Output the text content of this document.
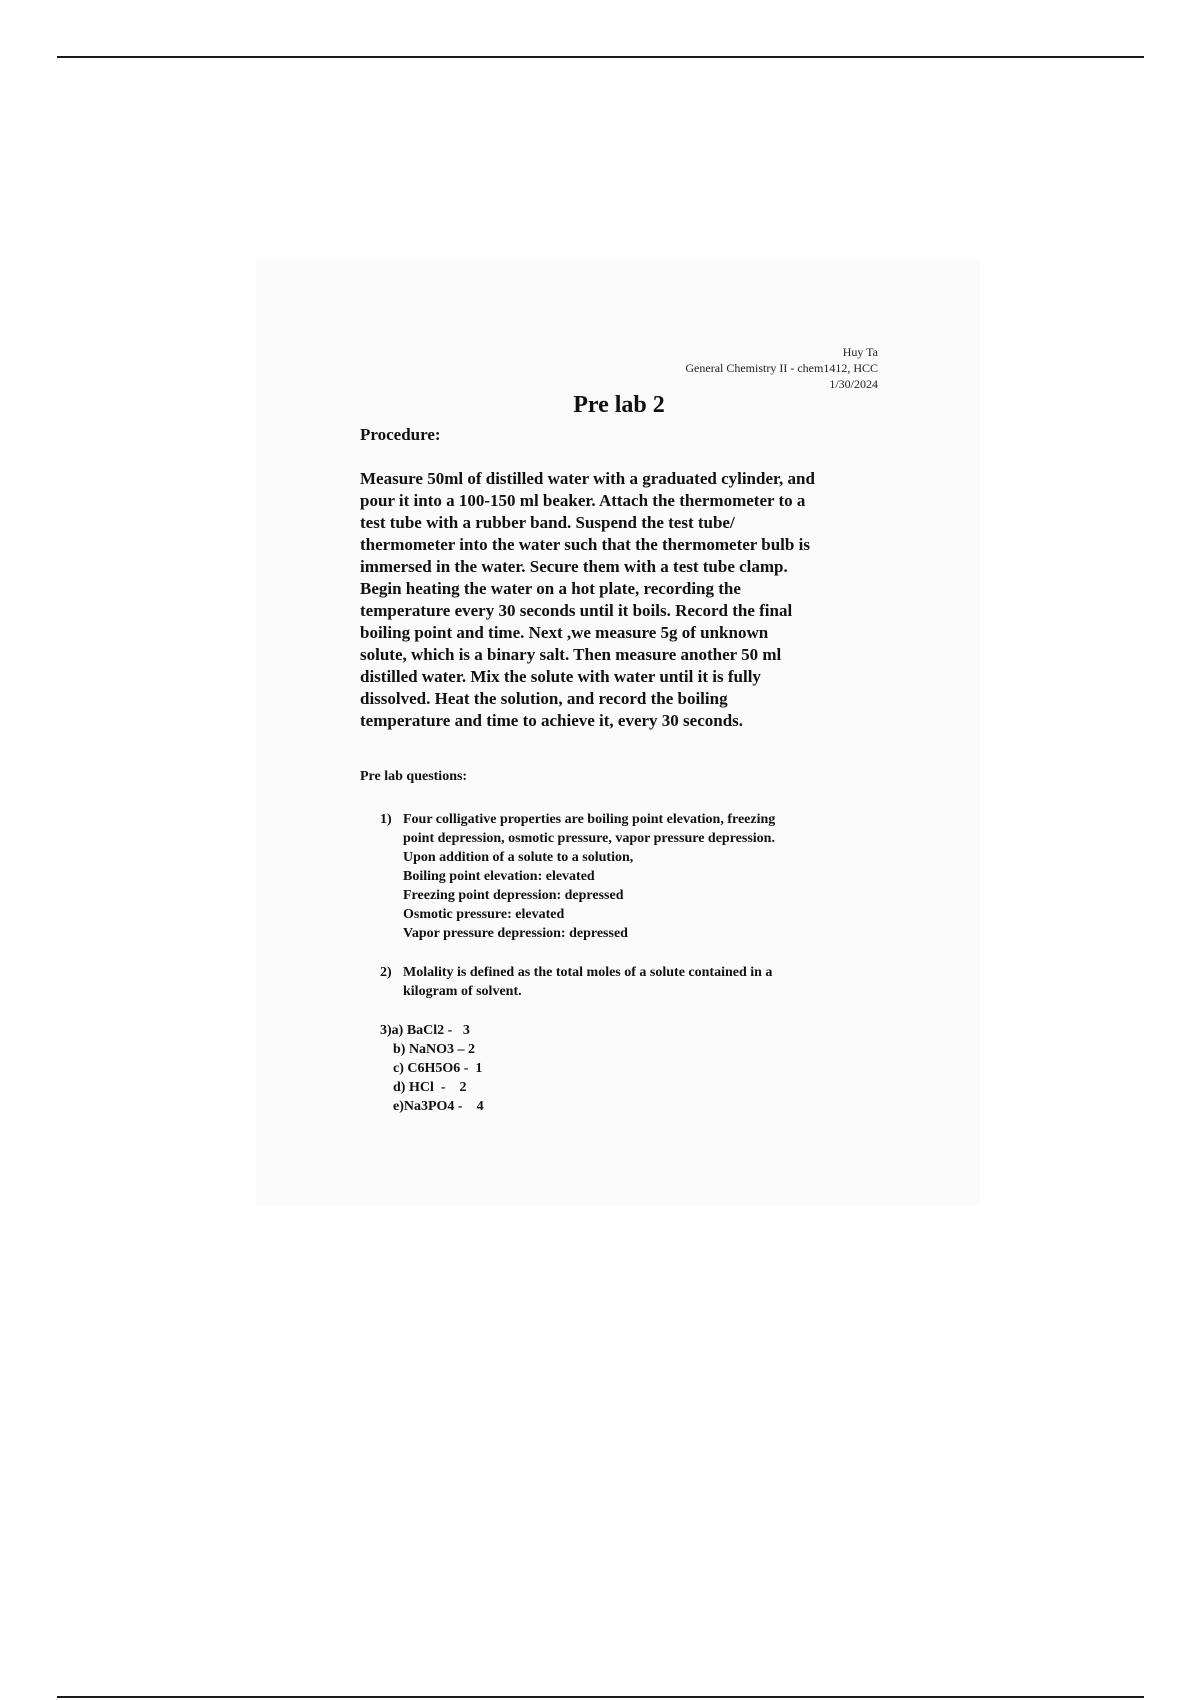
Huy Ta
General Chemistry II - chem1412, HCC
1/30/2024
Pre lab 2
Procedure:
Measure 50ml of distilled water with a graduated cylinder, and
pour it into a 100-150 ml beaker. Attach the thermometer to a
test tube with a rubber band. Suspend the test tube/
thermometer into the water such that the thermometer bulb is
immersed in the water. Secure them with a test tube clamp.
Begin heating the water on a hot plate, recording the
temperature every 30 seconds until it boils. Record the final
boiling point and time. Next ,we measure 5g of unknown
solute, which is a binary salt. Then measure another 50 ml
distilled water. Mix the solute with water until it is fully
dissolved. Heat the solution, and record the boiling
temperature and time to achieve it, every 30 seconds.
Pre lab questions:
1) Four colligative properties are boiling point elevation, freezing
point depression, osmotic pressure, vapor pressure depression.
Upon addition of a solute to a solution,
Boiling point elevation: elevated
Freezing point depression: depressed
Osmotic pressure: elevated
Vapor pressure depression: depressed
2) Molality is defined as the total moles of a solute contained in a
kilogram of solvent.
3)a) BaCl2 -   3
b) NaNO3 – 2
c) C6H5O6 -  1
d) HCl  -    2
e)Na3PO4 -    4
